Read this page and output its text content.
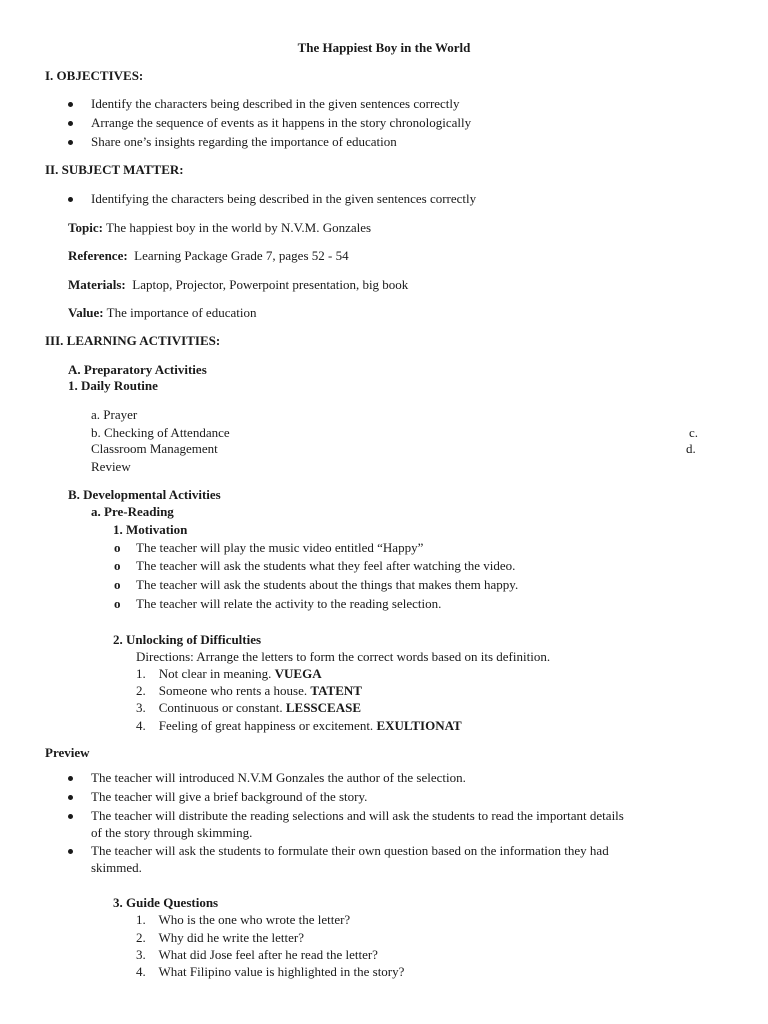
The Happiest Boy in the World
I. OBJECTIVES:
Identify the characters being described in the given sentences correctly
Arrange the sequence of events as it happens in the story chronologically
Share one’s insights regarding the importance of education
II. SUBJECT MATTER:
Identifying the characters being described in the given sentences correctly
Topic: The happiest boy in the world by N.V.M. Gonzales
Reference: Learning Package Grade 7, pages 52 - 54
Materials: Laptop, Projector, Powerpoint presentation, big book
Value: The importance of education
III. LEARNING ACTIVITIES:
A. Preparatory Activities
1. Daily Routine
a. Prayer
b. Checking of Attendance	c.
Classroom Management	d.
Review
B. Developmental Activities
a. Pre-Reading
1. Motivation
o The teacher will play the music video entitled “Happy”
o The teacher will ask the students what they feel after watching the video.
o The teacher will ask the students about the things that makes them happy.
o The teacher will relate the activity to the reading selection.
2. Unlocking of Difficulties
Directions: Arrange the letters to form the correct words based on its definition.
1. Not clear in meaning. VUEGA
2. Someone who rents a house. TATENT
3. Continuous or constant. LESSCEASE
4. Feeling of great happiness or excitement. EXULTIONAT
Preview
The teacher will introduced N.V.M Gonzales the author of the selection.
The teacher will give a brief background of the story.
The teacher will distribute the reading selections and will ask the students to read the important details
of the story through skimming.
The teacher will ask the students to formulate their own question based on the information they had
skimmed.
3. Guide Questions
1. Who is the one who wrote the letter?
2. Why did he write the letter?
3. What did Jose feel after he read the letter?
4. What Filipino value is highlighted in the story?
